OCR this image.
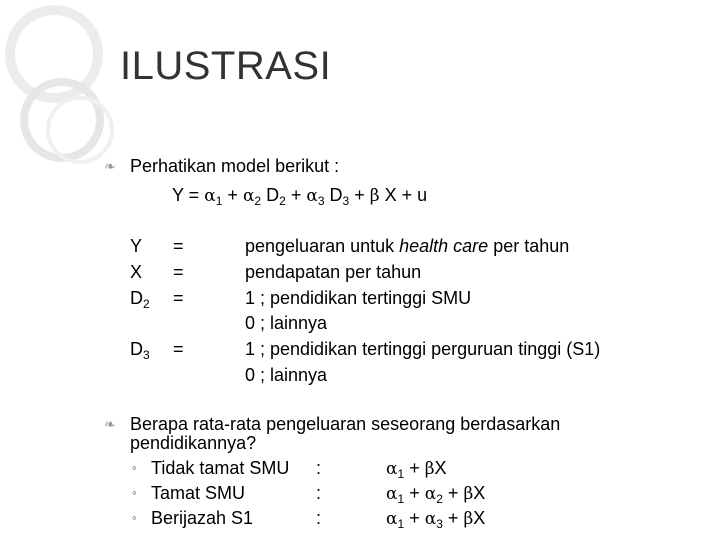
ILUSTRASI
❧ Perhatikan model berikut :
$Y = \alpha_1 + \alpha_2$ $D_2 + \alpha_3$ $D_3 + \beta$ X + u
Y =	pengeluaran untuk health care per tahun
X =	pendapatan per tahun
$D_2$ =	1 ; pendidikan tertinggi SMU
0 ; lainnya
$D_3$ =	1 ; pendidikan tertinggi perguruan tinggi (S1)
0 ; lainnya
❧ Berapa rata-rata pengeluaran seseorang berdasarkan
pendidikannya?
◦ Tidak tamat SMU :	$\alpha_1 + \beta X$
◦ Tamat SMU	:	$\alpha_1 + \alpha_2 + \beta X$
◦ Berijazah S1	:	$\alpha_1 + \alpha_3 + \beta X$
